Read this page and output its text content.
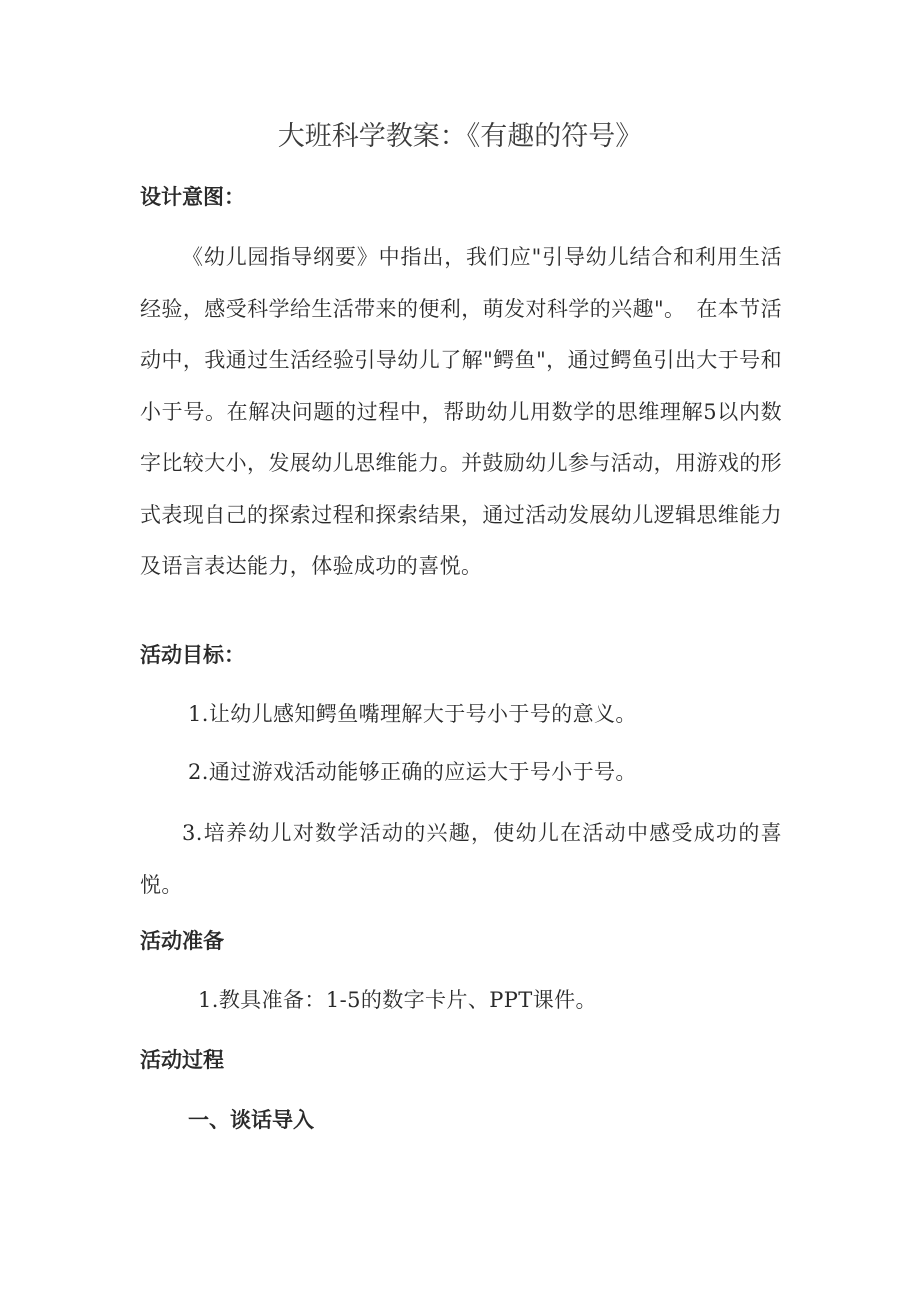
大班科学教案：《有趣的符号》
设计意图：

《幼儿园指导纲要》中指出，我们应"引导幼儿结合和利用生活经验，感受科学给生活带来的便利，萌发对科学的兴趣"。　在本节活动中，我通过生活经验引导幼儿了解"鳄鱼"，通过鳄鱼引出大于号和小于号。在解决问题的过程中，帮助幼儿用数学的思维理解5以内数字比较大小，发展幼儿思维能力。并鼓励幼儿参与活动，用游戏的形式表现自己的探索过程和探索结果，通过活动发展幼儿逻辑思维能力及语言表达能力，体验成功的喜悦。

活动目标：

1.让幼儿感知鳄鱼嘴理解大于号小于号的意义。

2.通过游戏活动能够正确的应运大于号小于号。

3.培养幼儿对数学活动的兴趣，使幼儿在活动中感受成功的喜悦。

活动准备

1.教具准备：1-5的数字卡片、PPT课件。

活动过程
一、谈话导入
